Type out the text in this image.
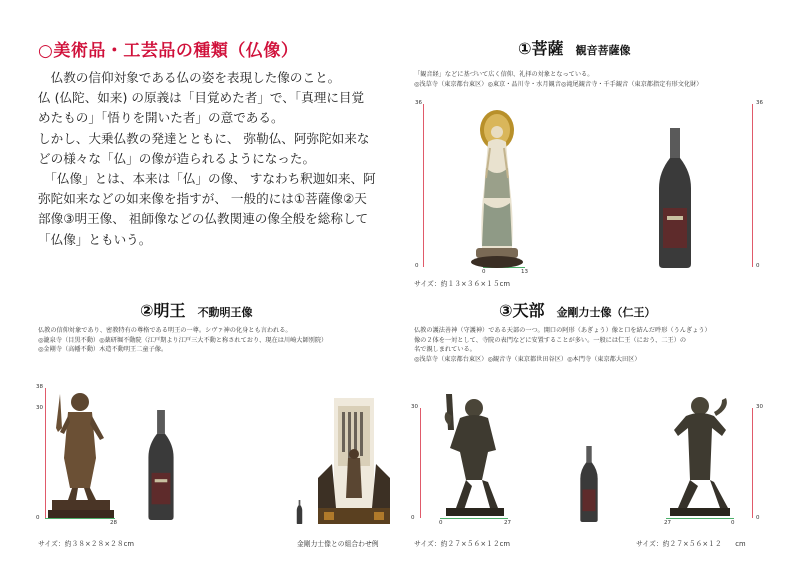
○美術品・工芸品の種類（仏像）

　仏教の信仰対象である仏の姿を表現した像のこと。

仏 (仏陀、如来) の原義は「目覚めた者」で、「真理に目覚

めたもの」「悟りを開いた者」の意である。

しかし、大乗仏教の発達とともに、 弥勒仏、阿弥陀如来な

どの様々な「仏」の像が造られるようになった。

　「仏像」とは、本来は「仏」の像、 すなわち釈迦如来、阿

弥陀如来などの如来像を指すが、 一般的には①菩薩像②天

部像③明王像、 祖師像などの仏教関連の像全般を総称して

「仏像」ともいう。

①菩薩 観音菩薩像

「観音経」などに基づいて広く信仰、礼拝の対象となっている。

◎浅草寺（東京都台東区）◎東京・品川寺・水月観音◎滝尾観音寺・千手観音（東京都指定有形文化財）

36
0
0	13
36
0
サイズ：約１３×３６×１５cm
②明王 不動明王像

仏教の信仰対象であり、密教特有の尊格である明王の一尊。シヴァ神の化身とも言われる。

◎瀧泉寺（目黒不動）◎薬研堀不動院（江戸期より江戸三大不動と称されており、現在は川崎大師別院）

◎金剛寺（高幡不動）木造不動明王二童子像。

38
30
0
28
サイズ：約３８×２８×２８cm	金剛力士像との組合わせ例
③天部 金剛力士像（仁王）

仏教の護法善神（守護神）である天部の一つ。開口の阿形（あぎょう）像と口を結んだ吽形（うんぎょう）

像の２体を一対として、寺院の表門などに安置することが多い。一般には仁王（におう、二王）の

名で親しまれている。

◎浅草寺（東京都台東区）◎観音寺（東京都世田谷区）◎本門寺（東京都大田区）

30
0
0	27	27	0
30
0
サイズ：約２７×５６×１２cm	サイズ：約２７×５６×１２　　cm
